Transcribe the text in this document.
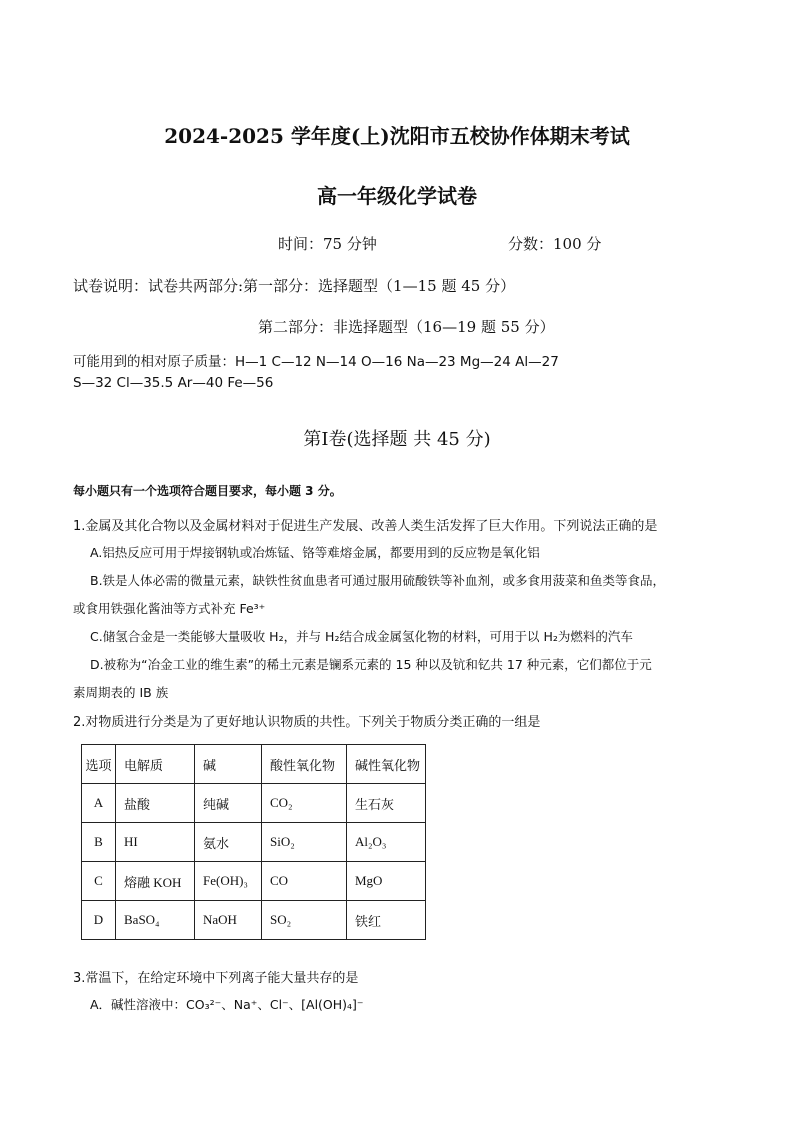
2024-2025 学年度(上)沈阳市五校协作体期末考试
高一年级化学试卷
时间：75 分钟	分数：100 分
试卷说明：试卷共两部分:第一部分：选择题型（1—15 题 45 分）
第二部分：非选择题型（16—19 题 55 分）
可能用到的相对原子质量：H—1 C—12 N—14 O—16 Na—23 Mg—24 Al—27
S—32 Cl—35.5 Ar—40 Fe—56
第Ⅰ卷(选择题 共 45 分)
每小题只有一个选项符合题目要求，每小题 3 分。
1.金属及其化合物以及金属材料对于促进生产发展、改善人类生活发挥了巨大作用。下列说法正确的是
A.铝热反应可用于焊接钢轨或冶炼锰、铬等难熔金属，都要用到的反应物是氧化铝
B.铁是人体必需的微量元素，缺铁性贫血患者可通过服用硫酸铁等补血剂，或多食用菠菜和鱼类等食品，
或食用铁强化酱油等方式补充 Fe³⁺
C.储氢合金是一类能够大量吸收 H₂，并与 H₂结合成金属氢化物的材料，可用于以 H₂为燃料的汽车
D.被称为“冶金工业的维生素”的稀土元素是镧系元素的 15 种以及钪和钇共 17 种元素，它们都位于元
素周期表的 IB 族
2.对物质进行分类是为了更好地认识物质的共性。下列关于物质分类正确的一组是
选项	电解质	碱	酸性氧化物	碱性氧化物
A	盐酸	纯碱	CO₂	生石灰
B	HI	氨水	SiO₂	Al₂O₃
C	熔融 KOH	Fe(OH)₃	CO	MgO
D	BaSO₄	NaOH	SO₂	铁红
3.常温下，在给定环境中下列离子能大量共存的是
A．碱性溶液中：CO₃²⁻、Na⁺、Cl⁻、[Al(OH)₄]⁻
